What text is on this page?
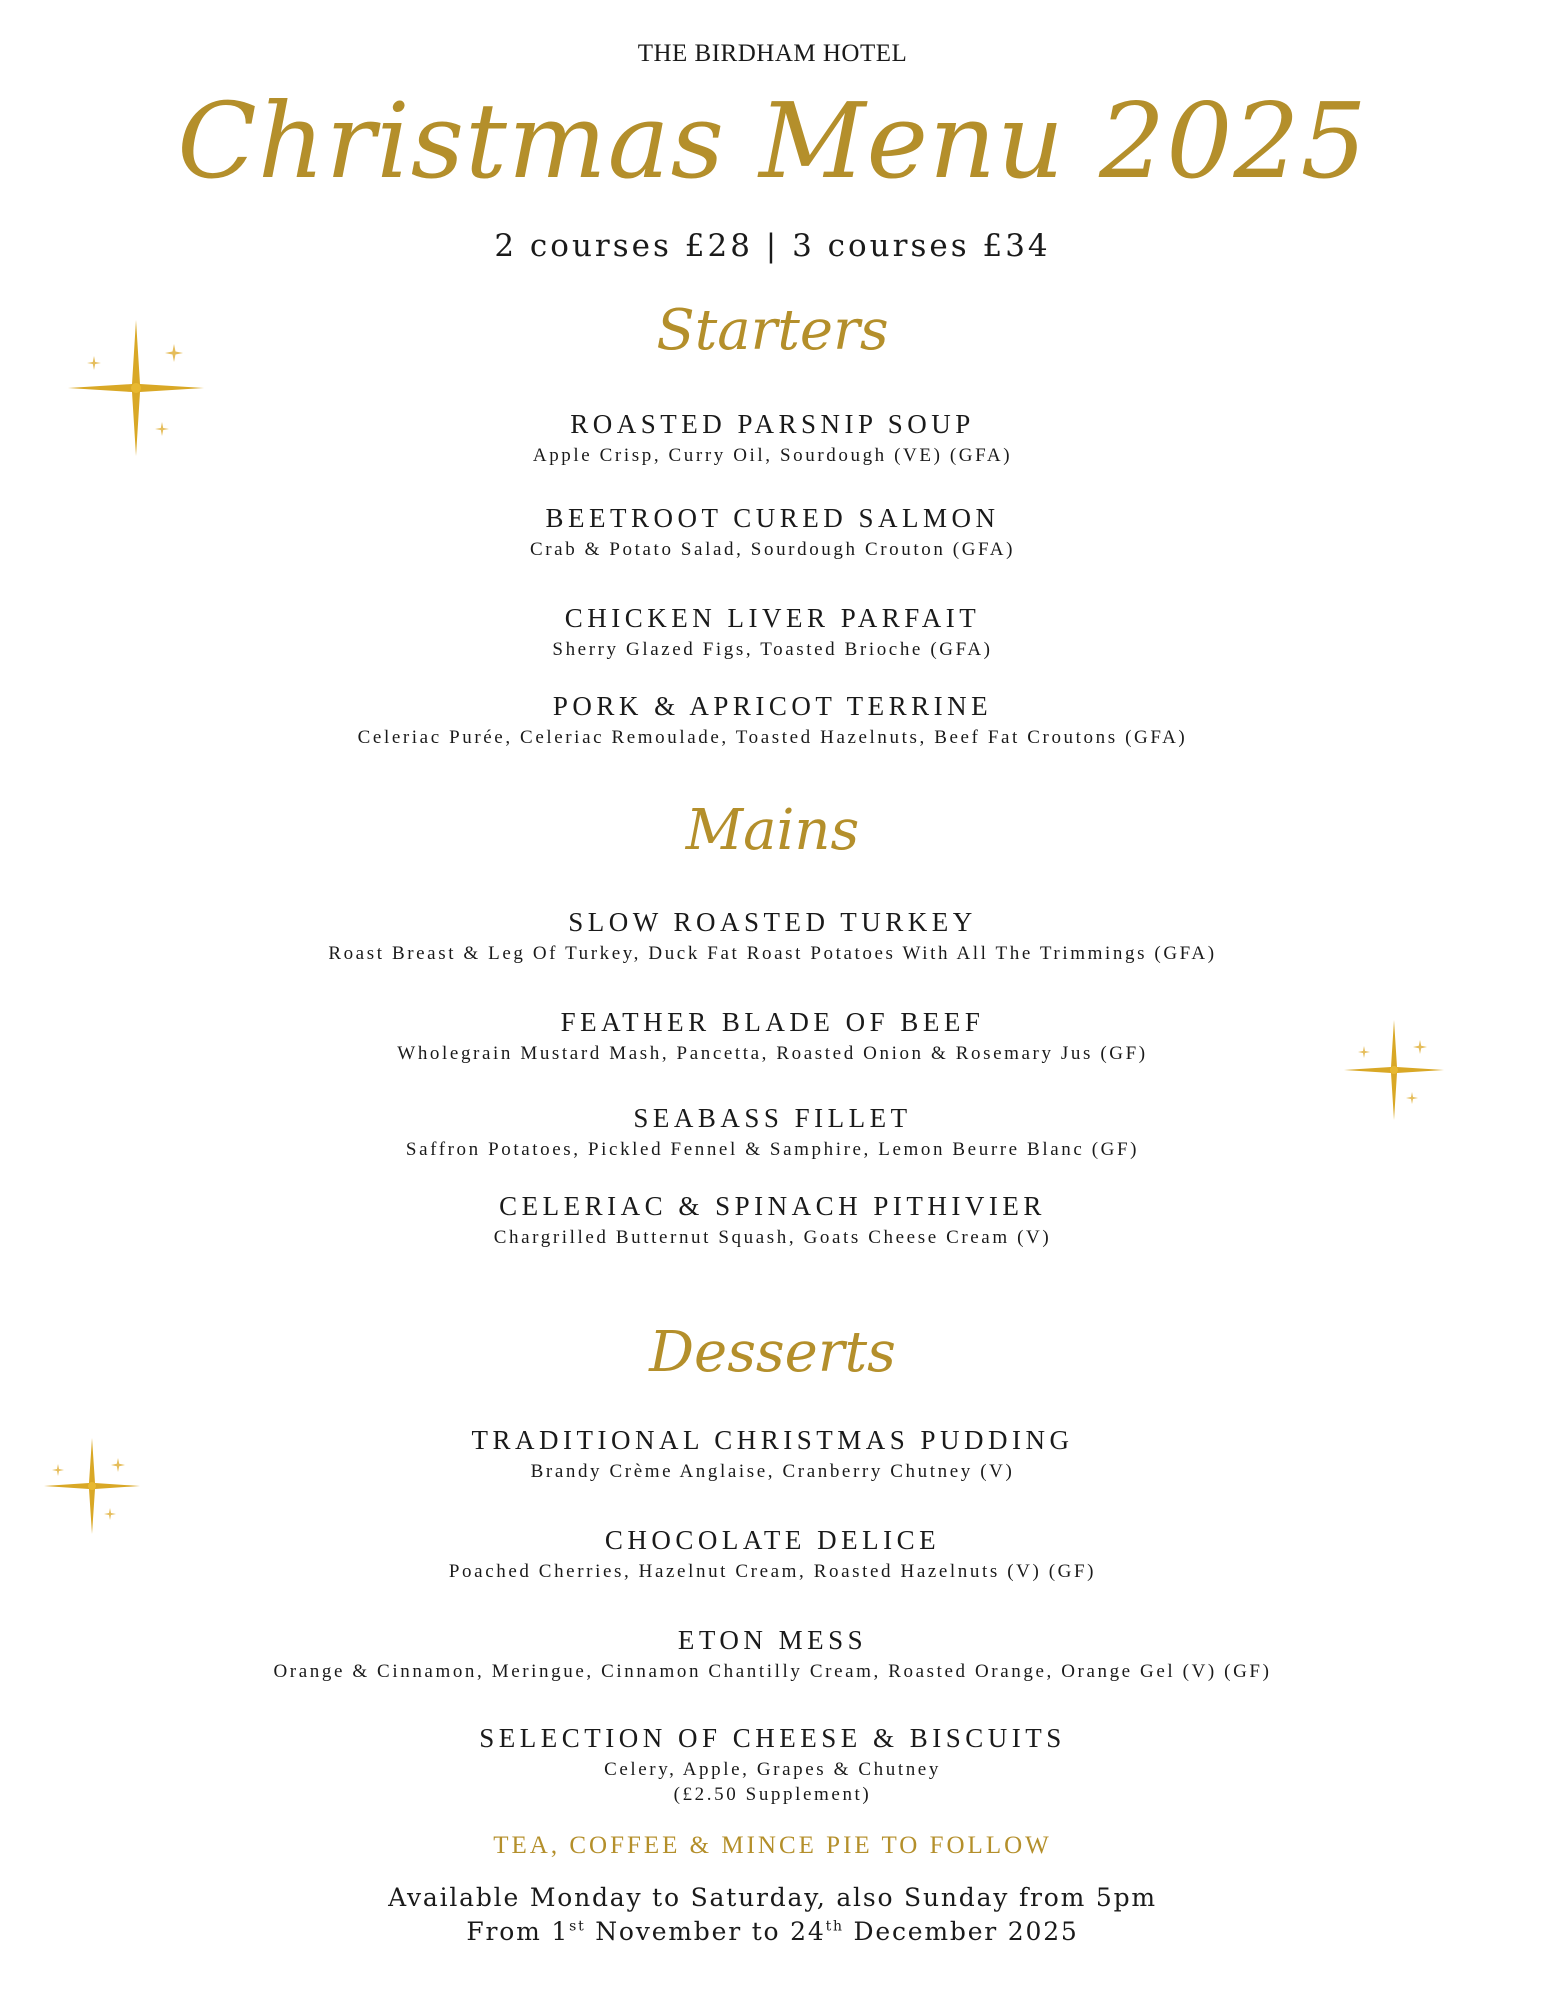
THE BIRDHAM HOTEL
Christmas Menu 2025
2 courses £28 | 3 courses £34
Starters
ROASTED PARSNIP SOUP
Apple Crisp, Curry Oil, Sourdough (VE) (GFA)
BEETROOT CURED SALMON
Crab & Potato Salad, Sourdough Crouton (GFA)
CHICKEN LIVER PARFAIT
Sherry Glazed Figs, Toasted Brioche (GFA)
PORK & APRICOT TERRINE
Celeriac Purée, Celeriac Remoulade, Toasted Hazelnuts, Beef Fat Croutons (GFA)
Mains
SLOW ROASTED TURKEY
Roast Breast & Leg Of Turkey, Duck Fat Roast Potatoes With All The Trimmings (GFA)
FEATHER BLADE OF BEEF
Wholegrain Mustard Mash, Pancetta, Roasted Onion & Rosemary Jus (GF)
SEABASS FILLET
Saffron Potatoes, Pickled Fennel & Samphire, Lemon Beurre Blanc (GF)
CELERIAC & SPINACH PITHIVIER
Chargrilled Butternut Squash, Goats Cheese Cream (V)
Desserts
TRADITIONAL CHRISTMAS PUDDING
Brandy Crème Anglaise, Cranberry Chutney (V)
CHOCOLATE DELICE
Poached Cherries, Hazelnut Cream, Roasted Hazelnuts (V) (GF)
ETON MESS
Orange & Cinnamon, Meringue, Cinnamon Chantilly Cream, Roasted Orange, Orange Gel (V) (GF)
SELECTION OF CHEESE & BISCUITS
Celery, Apple, Grapes & Chutney
(£2.50 Supplement)
TEA, COFFEE & MINCE PIE TO FOLLOW
Available Monday to Saturday, also Sunday from 5pm
From 1st November to 24th December 2025
